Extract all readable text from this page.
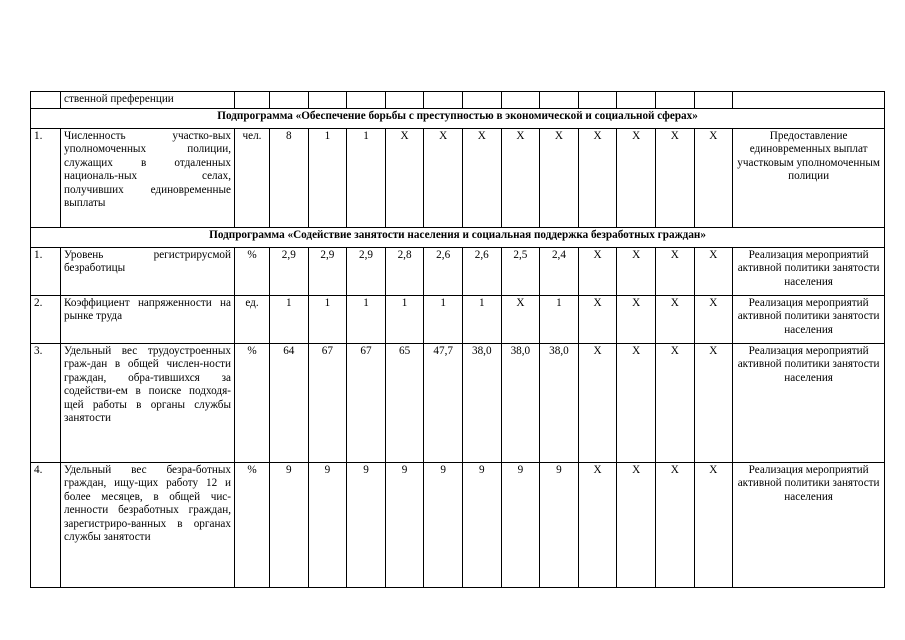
	ственной преференции														
Подпрограмма «Обеспечение борьбы с преступностью в экономической и социальной сферах»															
1.	Численность участко-вых уполномоченных полиции, служащих в отдаленных националь-ных селах, получивших единовременные выплаты	чел.	8	1	1	Х	Х	Х	Х	Х	Х	Х	Х	Х	Предоставление единовременных выплат участковым уполномоченным полиции
Подпрограмма «Содействие занятости населения и социальная поддержка безработных граждан»															
1.	Уровень регистрирусмой безработицы	%	2,9	2,9	2,9	2,8	2,6	2,6	2,5	2,4	Х	Х	Х	Х	Реализация мероприятий активной политики занятости населения
2.	Коэффициент напряженности на рынке труда	ед.	1	1	1	1	1	1	Х	1	Х	Х	Х	Х	Реализация мероприятий активной политики занятости населения
3.	Удельный вес трудоустроенных граж-дан в общей числен-ности граждан, обра-тившихся за содействи-ем в поиске подходя-щей работы в органы службы занятости	%	64	67	67	65	47,7	38,0	38,0	38,0	Х	Х	Х	Х	Реализация мероприятий активной политики занятости населения
4.	Удельный вес безра-ботных граждан, ищу-щих работу 12 и более месяцев, в общей чис-ленности безработных граждан, зарегистриро-ванных в органах службы занятости	%	9	9	9	9	9	9	9	9	Х	Х	Х	Х	Реализация мероприятий активной политики занятости населения
